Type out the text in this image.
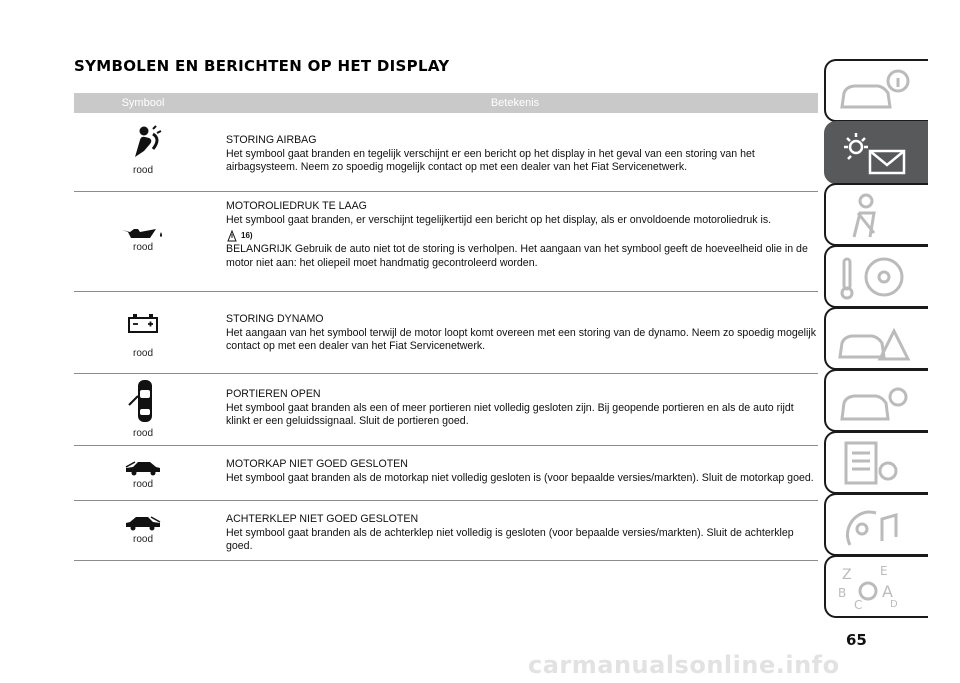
SYMBOLEN EN BERICHTEN OP HET DISPLAY
Symbool	Betekenis
rood
STORING AIRBAG
Het symbool gaat branden en tegelijk verschijnt er een bericht op het display in het geval van een storing van het airbagsysteem. Neem zo spoedig mogelijk contact op met een dealer van het Fiat Servicenetwerk.
rood
MOTOROLIEDRUK TE LAAG
Het symbool gaat branden, er verschijnt tegelijkertijd een bericht op het display, als er onvoldoende motoroliedruk is.
16)
BELANGRIJK Gebruik de auto niet tot de storing is verholpen. Het aangaan van het symbool geeft de hoeveelheid olie in de motor niet aan: het oliepeil moet handmatig gecontroleerd worden.
rood
STORING DYNAMO
Het aangaan van het symbool terwijl de motor loopt komt overeen met een storing van de dynamo. Neem zo spoedig mogelijk contact op met een dealer van het Fiat Servicenetwerk.
rood
PORTIEREN OPEN
Het symbool gaat branden als een of meer portieren niet volledig gesloten zijn. Bij geopende portieren en als de auto rijdt klinkt er een geluidssignaal. Sluit de portieren goed.
rood
MOTORKAP NIET GOED GESLOTEN
Het symbool gaat branden als de motorkap niet volledig gesloten is (voor bepaalde versies/markten). Sluit de motorkap goed.
rood
ACHTERKLEP NIET GOED GESLOTEN
Het symbool gaat branden als de achterklep niet volledig is gesloten (voor bepaalde versies/markten). Sluit de achterklep goed.
Z E
B A
C	D
65
carmanualsonline.info
